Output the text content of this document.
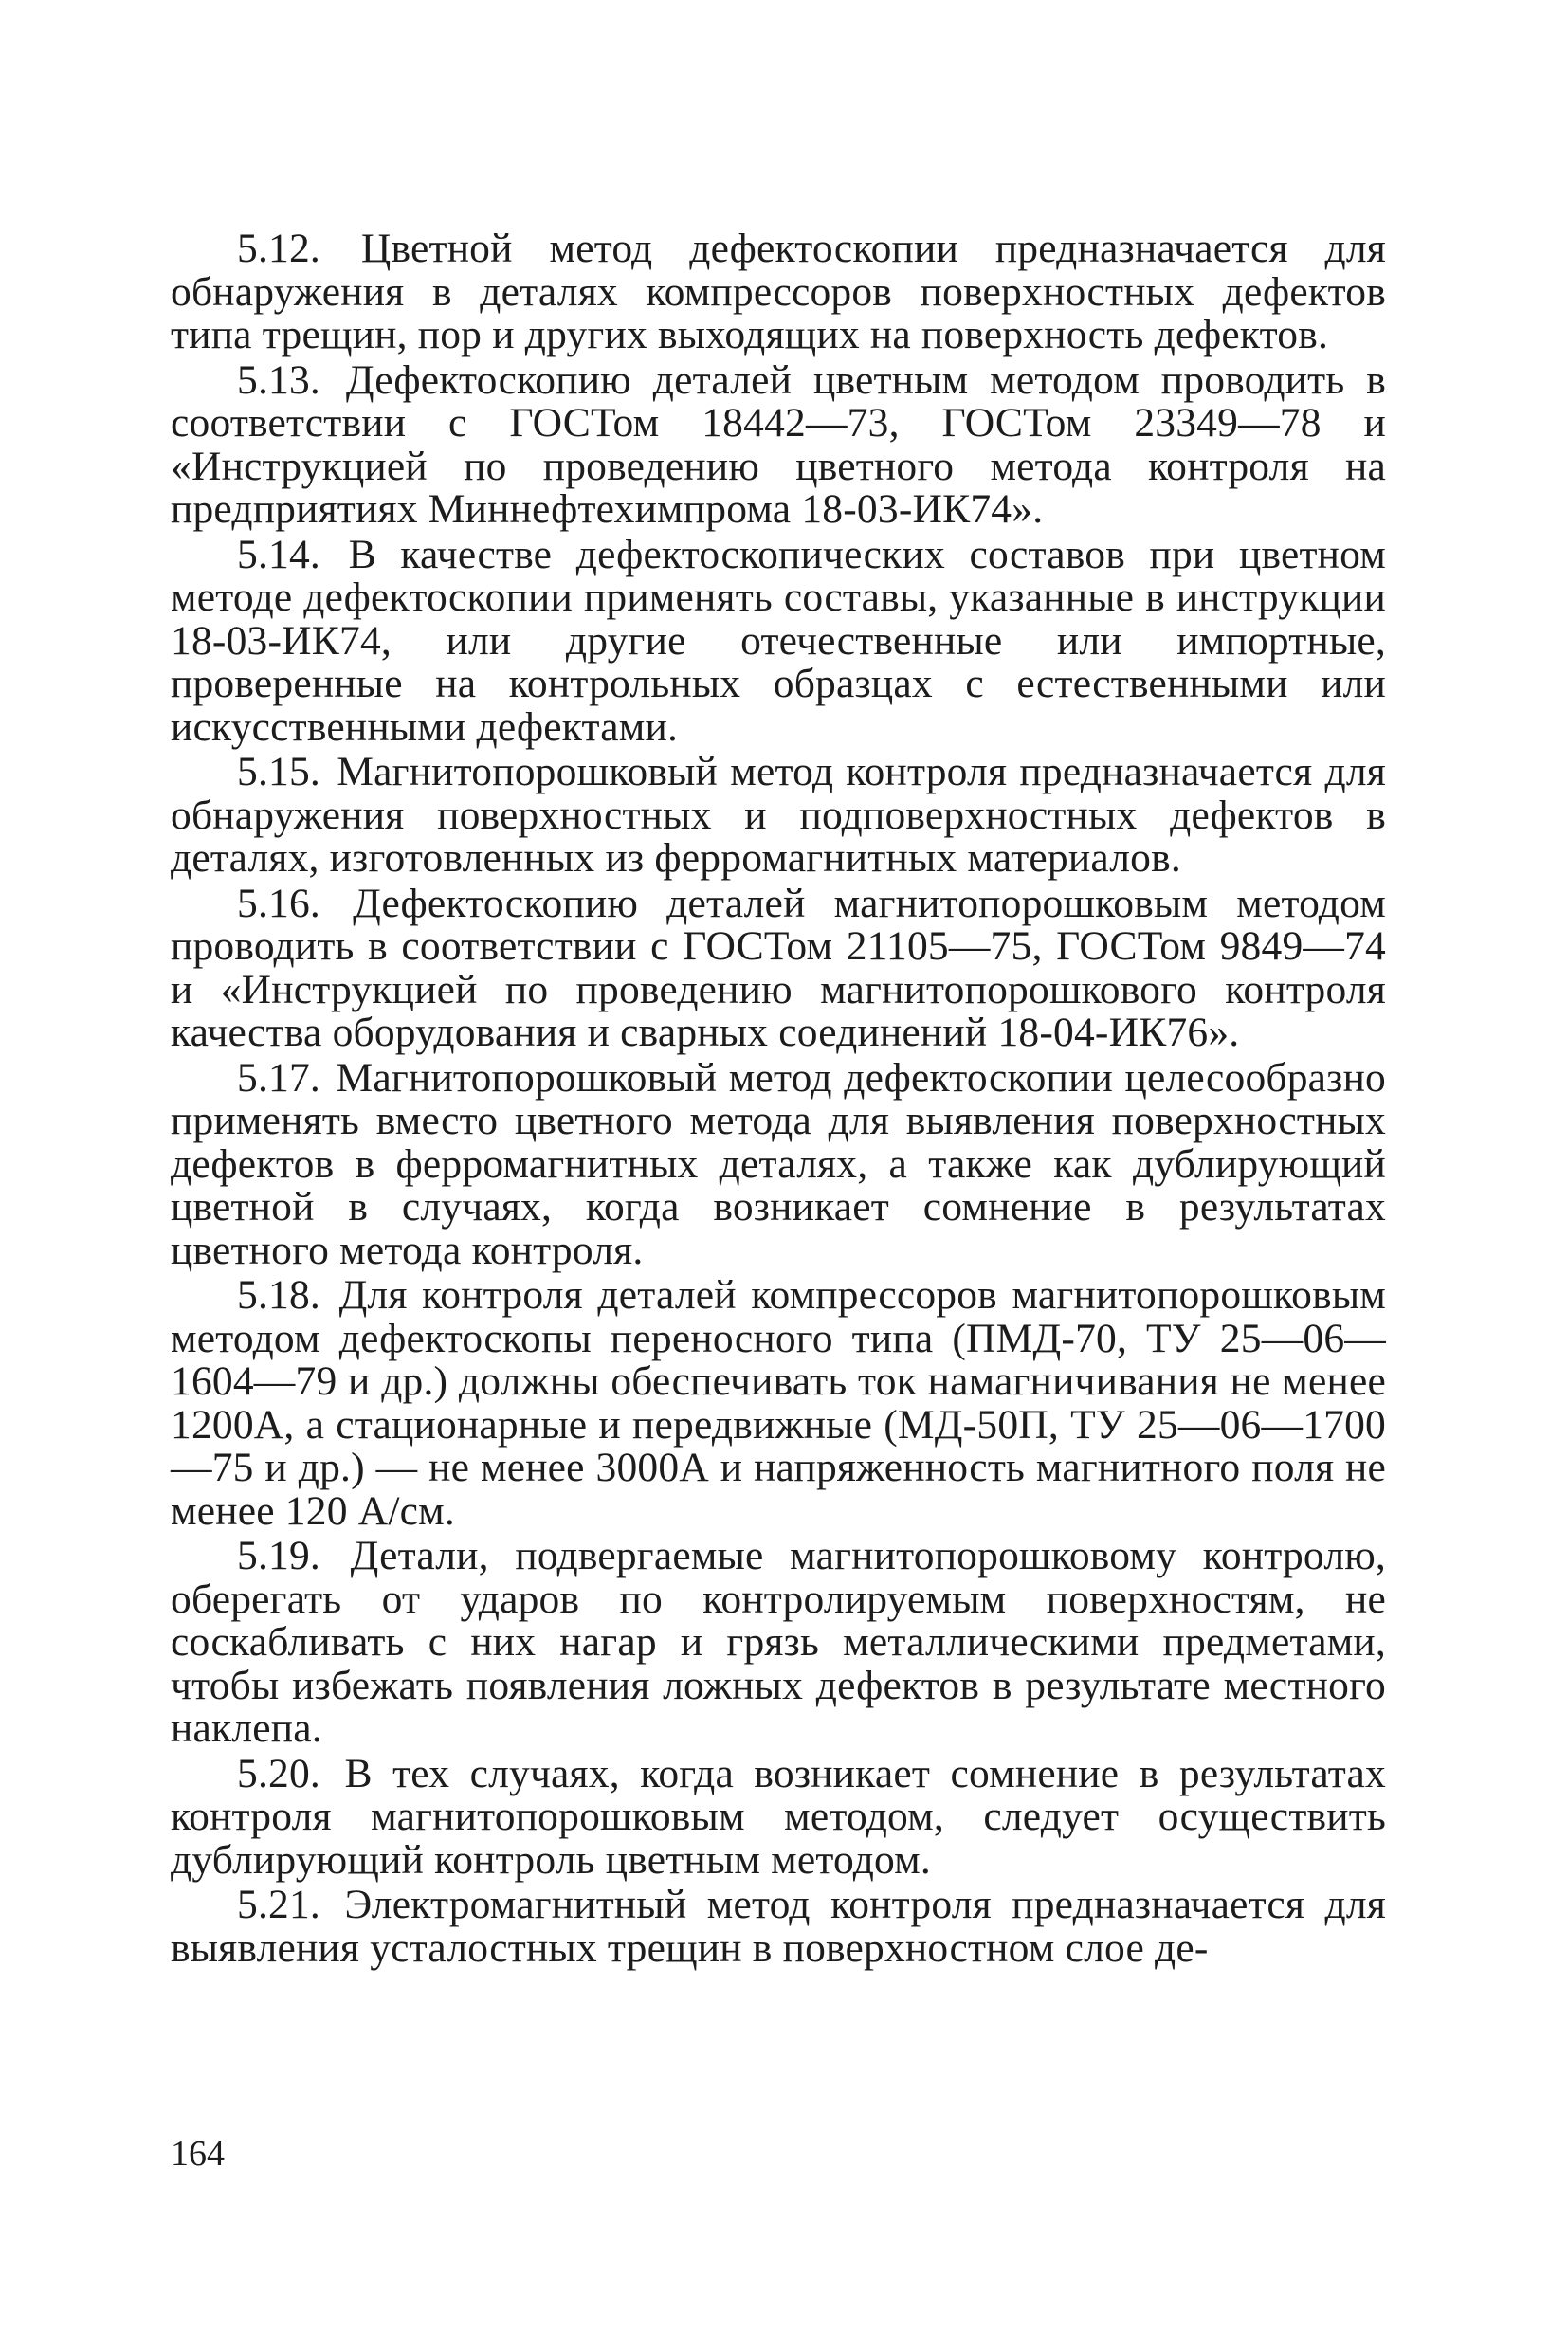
5.12. Цветной метод дефектоскопии предназначается для обнаружения в деталях компрессоров поверхностных дефектов типа трещин, пор и других выходящих на поверхность дефектов.

5.13. Дефектоскопию деталей цветным методом проводить в соответствии с ГОСТом 18442—73, ГОСТом 23349—78 и «Инструкцией по проведению цветного метода контроля на предприятиях Миннефтехимпрома 18-03-ИК74».

5.14. В качестве дефектоскопических составов при цветном методе дефектоскопии применять составы, указанные в инструкции 18-03-ИК74, или другие отечественные или импортные, проверенные на контрольных образцах с естественными или искусственными дефектами.

5.15. Магнитопорошковый метод контроля предназначается для обнаружения поверхностных и подповерхностных дефектов в деталях, изготовленных из ферромагнитных материалов.

5.16. Дефектоскопию деталей магнитопорошковым методом проводить в соответствии с ГОСТом 21105—75, ГОСТом 9849—74 и «Инструкцией по проведению магнитопорошкового контроля качества оборудования и сварных соединений 18-04-ИК76».

5.17. Магнитопорошковый метод дефектоскопии целесообразно применять вместо цветного метода для выявления поверхностных дефектов в ферромагнитных деталях, а также как дублирующий цветной в случаях, когда возникает сомнение в результатах цветного метода контроля.

5.18. Для контроля деталей компрессоров магнитопорошковым методом дефектоскопы переносного типа (ПМД-70, ТУ 25—06—1604—79 и др.) должны обеспечивать ток намагничивания не менее 1200А, а стационарные и передвижные (МД-50П, ТУ 25—06—1700—75 и др.) — не менее 3000А и напряженность магнитного поля не менее 120 А/см.

5.19. Детали, подвергаемые магнитопорошковому контролю, оберегать от ударов по контролируемым поверхностям, не соскабливать с них нагар и грязь металлическими предметами, чтобы избежать появления ложных дефектов в результате местного наклепа.

5.20. В тех случаях, когда возникает сомнение в результатах контроля магнитопорошковым методом, следует осуществить дублирующий контроль цветным методом.

5.21. Электромагнитный метод контроля предназначается для выявления усталостных трещин в поверхностном слое де-

164
